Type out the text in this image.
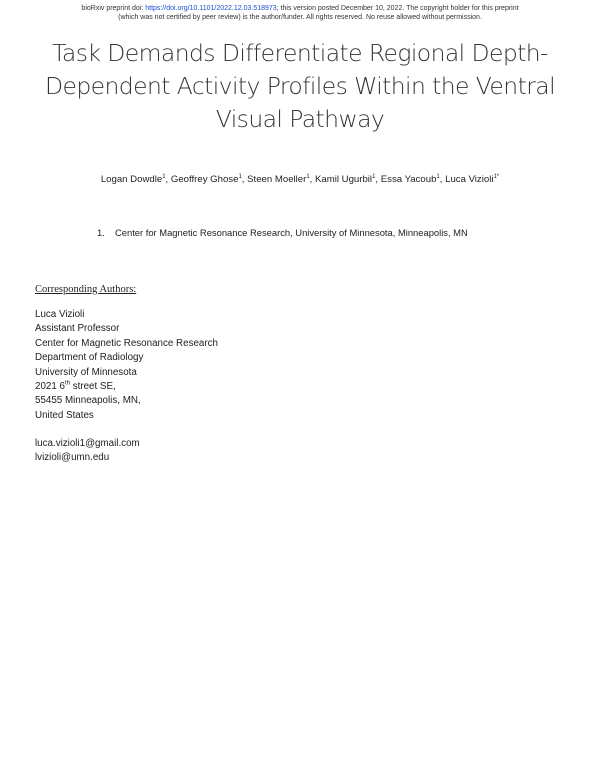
bioRxiv preprint doi: https://doi.org/10.1101/2022.12.03.518973; this version posted December 10, 2022. The copyright holder for this preprint
(which was not certified by peer review) is the author/funder. All rights reserved. No reuse allowed without permission.
Task Demands Differentiate Regional Depth-
Dependent Activity Profiles Within the Ventral
Visual Pathway
Logan Dowdle$^1$, Geoffrey Ghose$^1$, Steen Moeller$^1$, Kamil Ugurbil$^1$, Essa Yacoub$^1$, Luca Vizioli$^{1*}$
1. Center for Magnetic Resonance Research, University of Minnesota, Minneapolis, MN
Corresponding Authors:
Luca Vizioli
Assistant Professor
Center for Magnetic Resonance Research
Department of Radiology
University of Minnesota
2021 6th street SE,
55455 Minneapolis, MN,
United States
luca.vizioli1@gmail.com
lvizioli@umn.edu
